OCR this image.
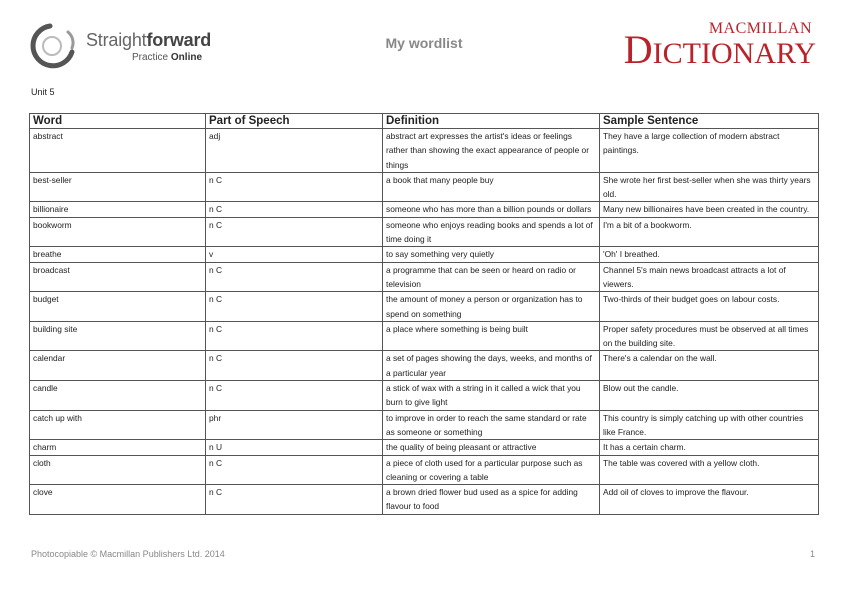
Straightforward
Practice Online
My wordlist
MACMILLAN
DICTIONARY
Unit 5
Word	Part of Speech	Definition	Sample Sentence
abstract	adj	abstract art expresses the artist's ideas or feelings rather than showing the exact appearance of people or things	They have a large collection of modern abstract paintings.
best-seller	n C	a book that many people buy	She wrote her first best-seller when she was thirty years old.
billionaire	n C	someone who has more than a billion pounds or dollars	Many new billionaires have been created in the country.
bookworm	n C	someone who enjoys reading books and spends a lot of time doing it	I'm a bit of a bookworm.
breathe	v	to say something very quietly	'Oh' I breathed.
broadcast	n C	a programme that can be seen or heard on radio or television	Channel 5's main news broadcast attracts a lot of viewers.
budget	n C	the amount of money a person or organization has to spend on something	Two-thirds of their budget goes on labour costs.
building site	n C	a place where something is being built	Proper safety procedures must be observed at all times on the building site.
calendar	n C	a set of pages showing the days, weeks, and months of a particular year	There's a calendar on the wall.
candle	n C	a stick of wax with a string in it called a wick that you burn to give light	Blow out the candle.
catch up with	phr	to improve in order to reach the same standard or rate as someone or something	This country is simply catching up with other countries like France.
charm	n U	the quality of being pleasant or attractive	It has a certain charm.
cloth	n C	a piece of cloth used for a particular purpose such as cleaning or covering a table	The table was covered with a yellow cloth.
clove	n C	a brown dried flower bud used as a spice for adding flavour to food	Add oil of cloves to improve the flavour.
Photocopiable © Macmillan Publishers Ltd. 2014	1
